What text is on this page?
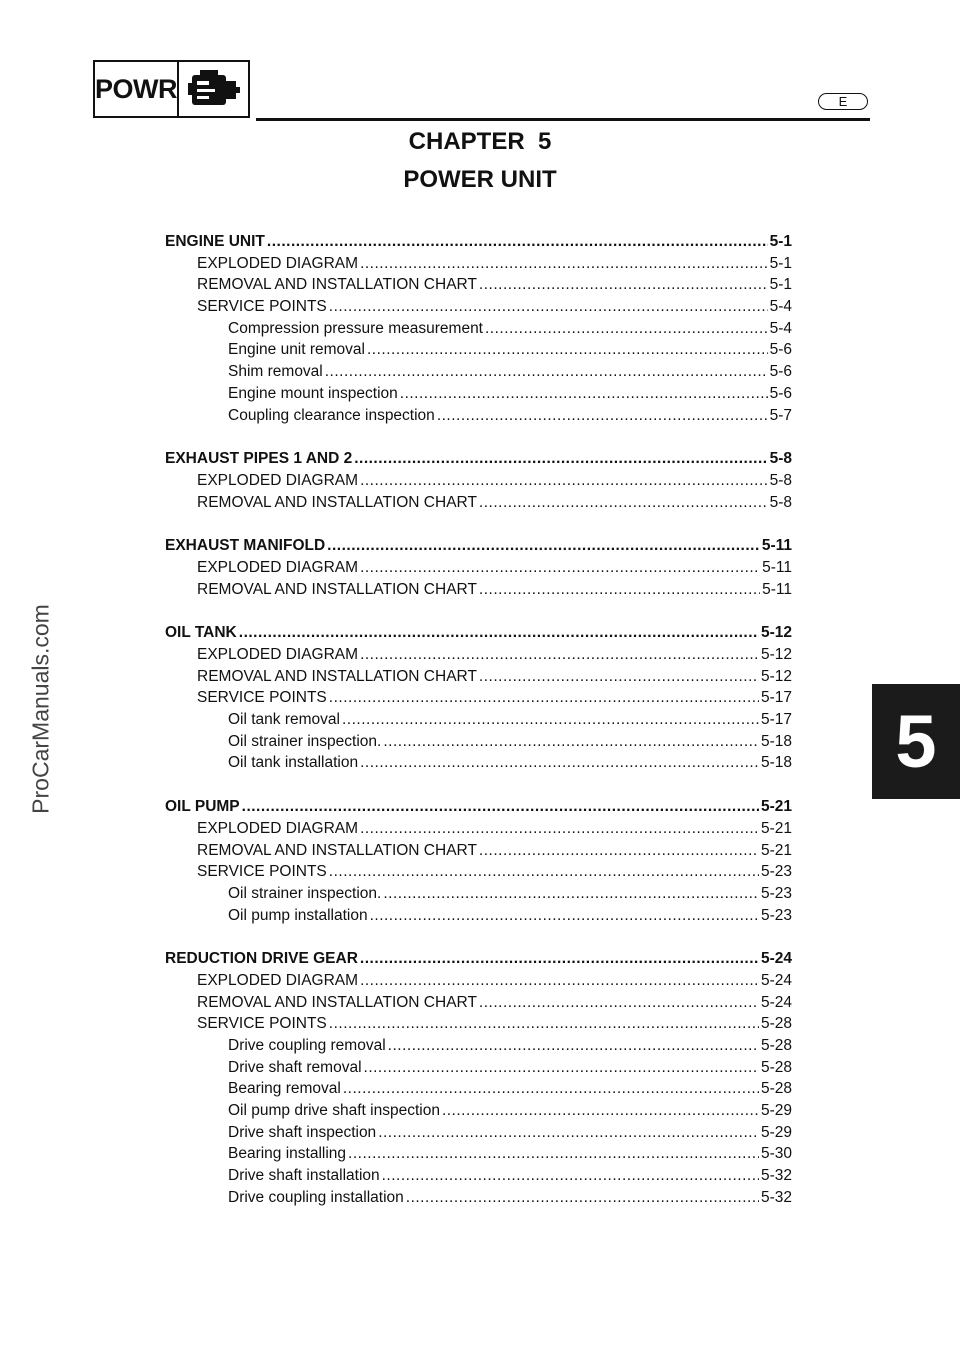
POWR	E
CHAPTER  5
POWER UNIT
ProCarManuals.com	5
ENGINE UNIT .....	5-1
EXPLODED DIAGRAM .....	5-1
REMOVAL AND INSTALLATION CHART .....	5-1
SERVICE POINTS .....	5-4
Compression pressure measurement .....	5-4
Engine unit removal .....	5-6
Shim removal .....	5-6
Engine mount inspection .....	5-6
Coupling clearance inspection .....	5-7
EXHAUST PIPES 1 AND 2 .....	5-8
EXPLODED DIAGRAM .....	5-8
REMOVAL AND INSTALLATION CHART .....	5-8
EXHAUST MANIFOLD .....	5-11
EXPLODED DIAGRAM .....	5-11
REMOVAL AND INSTALLATION CHART .....	5-11
OIL TANK .....	5-12
EXPLODED DIAGRAM .....	5-12
REMOVAL AND INSTALLATION CHART .....	5-12
SERVICE POINTS .....	5-17
Oil tank removal .....	5-17
Oil strainer inspection. .....	5-18
Oil tank installation .....	5-18
OIL PUMP .....	5-21
EXPLODED DIAGRAM .....	5-21
REMOVAL AND INSTALLATION CHART .....	5-21
SERVICE POINTS .....	5-23
Oil strainer inspection. .....	5-23
Oil pump installation .....	5-23
REDUCTION DRIVE GEAR .....	5-24
EXPLODED DIAGRAM .....	5-24
REMOVAL AND INSTALLATION CHART .....	5-24
SERVICE POINTS .....	5-28
Drive coupling removal .....	5-28
Drive shaft removal .....	5-28
Bearing removal .....	5-28
Oil pump drive shaft inspection .....	5-29
Drive shaft inspection .....	5-29
Bearing installing .....	5-30
Drive shaft installation .....	5-32
Drive coupling installation .....	5-32
